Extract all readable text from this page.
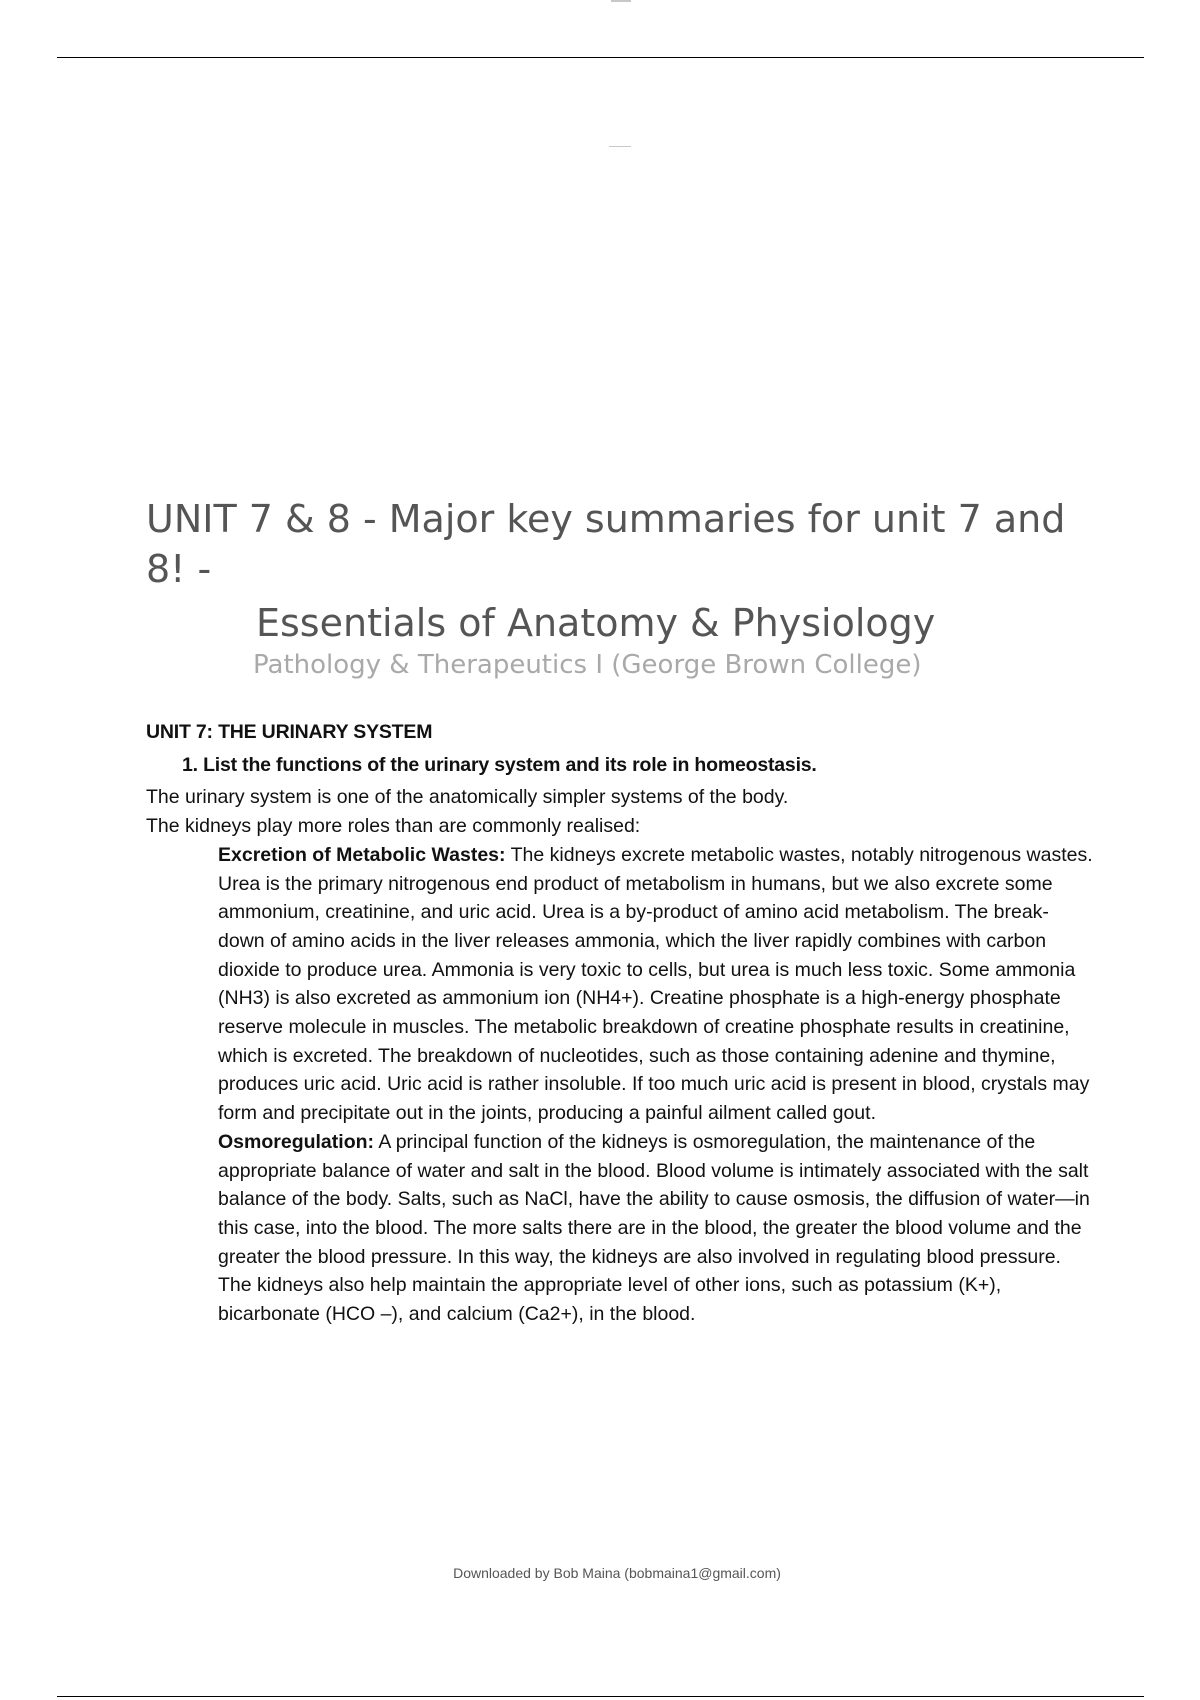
UNIT 7 & 8 - Major key summaries for unit 7 and 8! -
Essentials of Anatomy & Physiology
Pathology & Therapeutics I (George Brown College)

UNIT 7: THE URINARY SYSTEM

1. List the functions of the urinary system and its role in homeostasis.

The urinary system is one of the anatomically simpler systems of the body.

The kidneys play more roles than are commonly realised:

Excretion of Metabolic Wastes: The kidneys excrete metabolic wastes, notably nitrogenous wastes. Urea is the primary nitrogenous end product of metabolism in humans, but we also excrete some ammonium, creatinine, and uric acid. Urea is a by-product of amino acid metabolism. The break- down of amino acids in the liver releases ammonia, which the liver rapidly combines with carbon dioxide to produce urea. Ammonia is very toxic to cells, but urea is much less toxic. Some ammonia (NH3) is also excreted as ammonium ion (NH4+). Creatine phosphate is a high-energy phosphate reserve molecule in muscles. The metabolic breakdown of creatine phosphate results in creatinine, which is excreted. The breakdown of nucleotides, such as those containing adenine and thymine, produces uric acid. Uric acid is rather insoluble. If too much uric acid is present in blood, crystals may form and precipitate out in the joints, producing a painful ailment called gout.

Osmoregulation: A principal function of the kidneys is osmoregulation, the maintenance of the appropriate balance of water and salt in the blood. Blood volume is intimately associated with the salt balance of the body. Salts, such as NaCl, have the ability to cause osmosis, the diffusion of water—in this case, into the blood. The more salts there are in the blood, the greater the blood volume and the greater the blood pressure. In this way, the kidneys are also involved in regulating blood pressure. The kidneys also help maintain the appropriate level of other ions, such as potassium (K+), bicarbonate (HCO –), and calcium (Ca2+), in the blood.

Downloaded by Bob Maina (bobmaina1@gmail.com)
